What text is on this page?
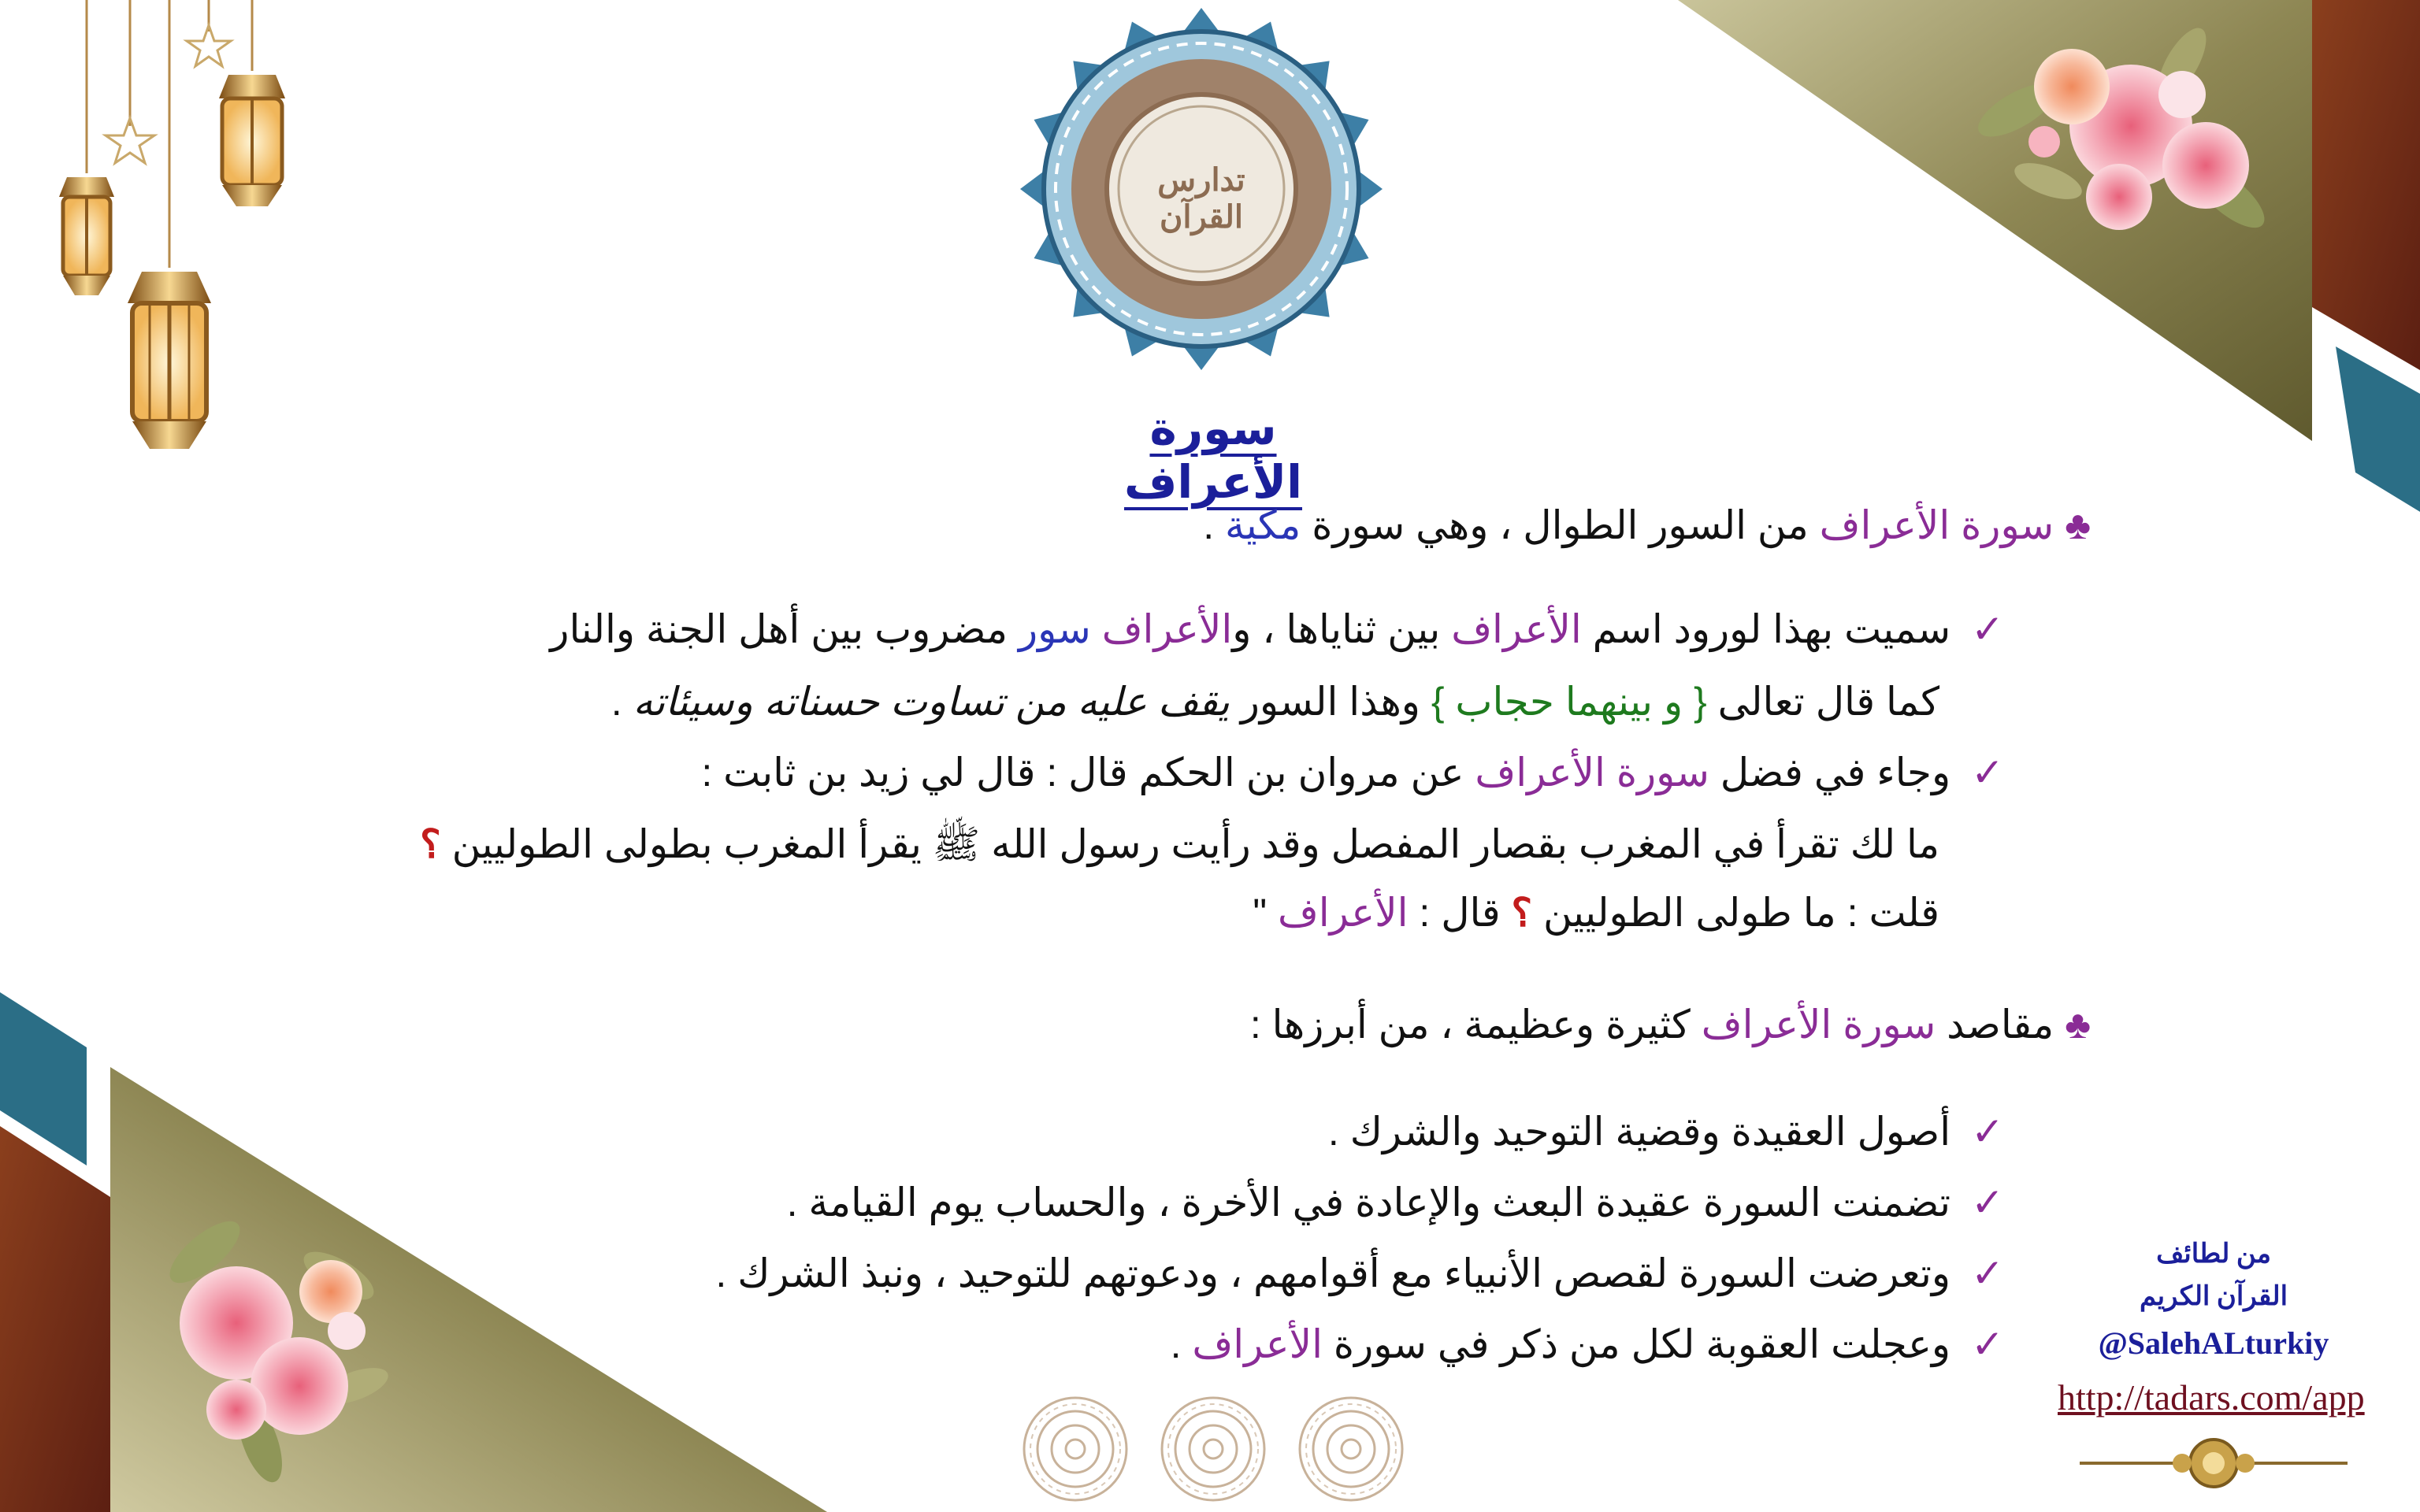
تدارس القرآن
سورة الأعراف
♣سورة الأعراف من السور الطوال ، وهي سورة مكية .
✓سميت بهذا لورود اسم الأعراف بين ثناياها ، والأعراف سور مضروب بين أهل الجنة والنار
كما قال تعالى { و بينهما حجاب } وهذا السور يقف عليه من تساوت حسناته وسيئاته .
✓وجاء في فضل سورة الأعراف عن مروان بن الحكم قال : قال لي زيد بن ثابت :
ما لك تقرأ في المغرب بقصار المفصل وقد رأيت رسول الله ﷺ يقرأ المغرب بطولى الطوليين ؟
قلت : ما طولى الطوليين ؟ قال : الأعراف "
♣مقاصد سورة الأعراف كثيرة وعظيمة ، من أبرزها :
✓أصول العقيدة وقضية التوحيد والشرك .
✓تضمنت السورة عقيدة البعث والإعادة في الأخرة ، والحساب يوم القيامة .
✓وتعرضت السورة لقصص الأنبياء مع أقوامهم ، ودعوتهم للتوحيد ، ونبذ الشرك .
✓وعجلت العقوبة لكل من ذكر في سورة الأعراف .
من لطائف
القرآن الكريم
@SalehALturkiy
http://tadars.com/app
